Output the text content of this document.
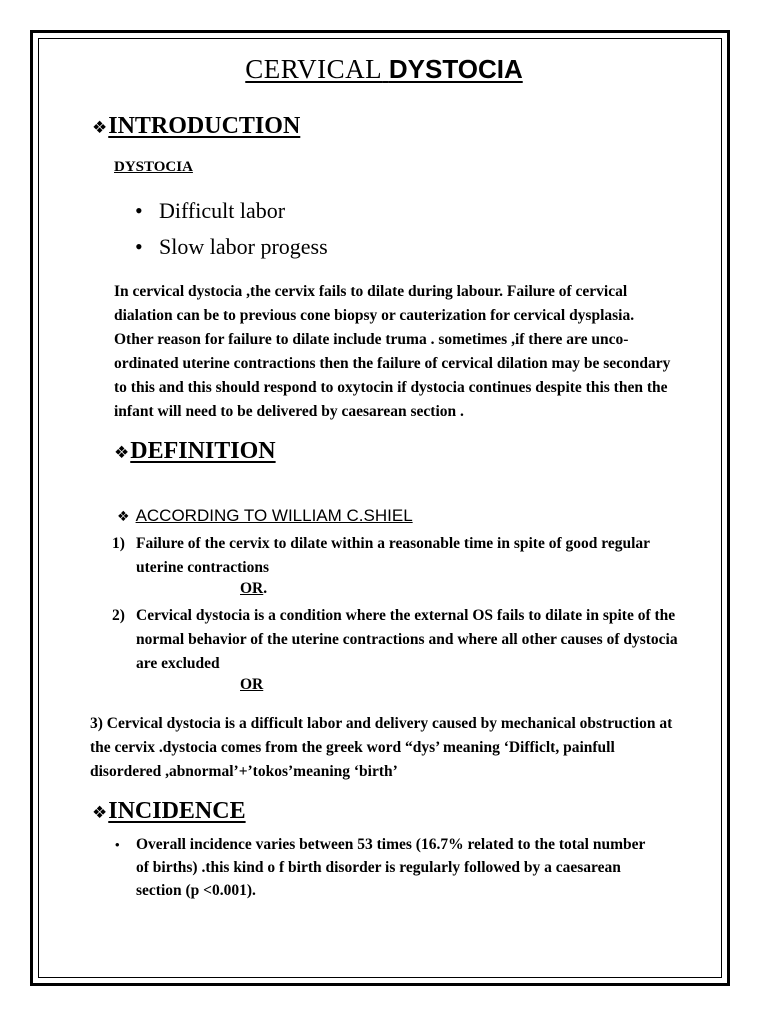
CERVICAL DYSTOCIA
❖INTRODUCTION
DYSTOCIA
• Difficult labor
• Slow labor progess
In cervical dystocia ,the cervix fails to dilate during labour. Failure of cervical dialation can be to previous cone biopsy or cauterization for cervical dysplasia. Other reason for failure to dilate include truma . sometimes ,if there are unco-ordinated uterine contractions then the failure of cervical dilation may be secondary to this and this should respond to oxytocin if dystocia continues despite this then the infant will need to be delivered by caesarean section .
❖DEFINITION
❖ ACCORDING TO WILLIAM C.SHIEL
1) Failure of the cervix to dilate within a reasonable time in spite of good regular uterine contractions
OR.
2) Cervical dystocia is a condition where the external OS fails to dilate in spite of the normal behavior of the uterine contractions and where all other causes of dystocia are excluded
OR
3) Cervical dystocia is a difficult labor and delivery caused by mechanical obstruction at the cervix .dystocia comes from the greek word “dys’ meaning ‘Difficlt, painfull disordered ,abnormal’+’tokos’meaning ‘birth’
❖INCIDENCE
• Overall incidence varies between 53 times (16.7% related to the total number of births) .this kind o f birth disorder is regularly followed by a caesarean section (p <0.001).
